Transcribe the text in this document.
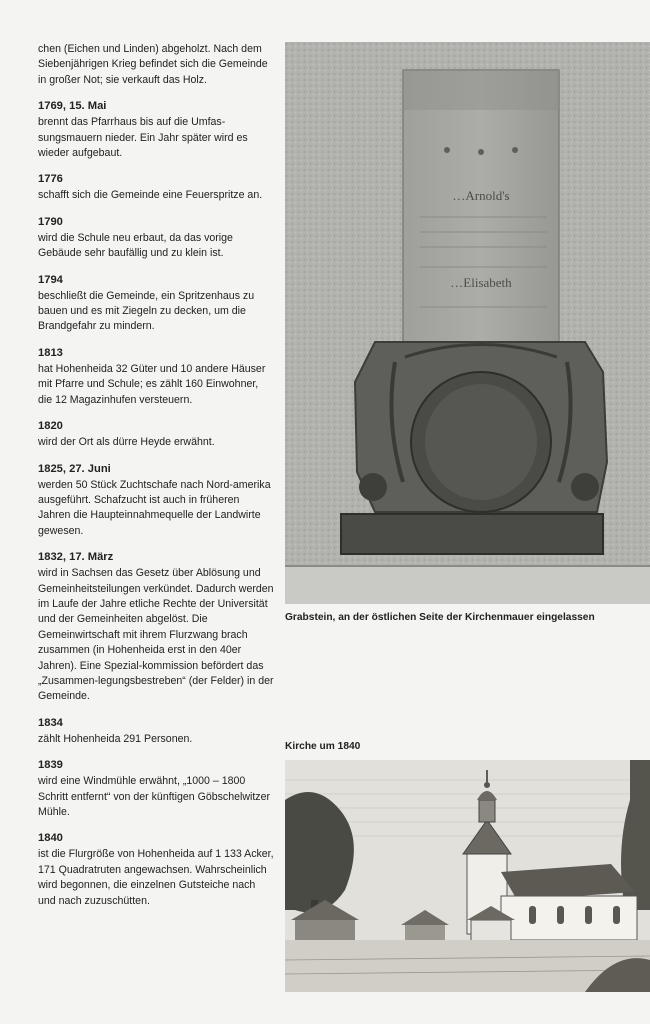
chen (Eichen und Linden) abgeholzt. Nach dem Siebenjährigen Krieg befindet sich die Gemeinde in großer Not; sie verkauft das Holz.

1769, 15. Mai

brennt das Pfarrhaus bis auf die Umfas-sungsmauern nieder. Ein Jahr später wird es wieder aufgebaut.

1776

schafft sich die Gemeinde eine Feuerspritze an.

1790

wird die Schule neu erbaut, da das vorige Gebäude sehr baufällig und zu klein ist.

1794

beschließt die Gemeinde, ein Spritzenhaus zu bauen und es mit Ziegeln zu decken, um die Brandgefahr zu mindern.

1813

hat Hohenheida 32 Güter und 10 andere Häuser mit Pfarre und Schule; es zählt 160 Einwohner, die 12 Magazinhufen versteuern.

1820

wird der Ort als dürre Heyde erwähnt.

1825, 27. Juni

werden 50 Stück Zuchtschafe nach Nord-amerika ausgeführt. Schafzucht ist auch in früheren Jahren die Haupteinnahmequelle der Landwirte gewesen.

1832, 17. März

wird in Sachsen das Gesetz über Ablösung und Gemeinheitsteilungen verkündet. Dadurch werden im Laufe der Jahre etliche Rechte der Universität und der Gemeinheiten abgelöst. Die Gemeinwirtschaft mit ihrem Flurzwang brach zusammen (in Hohenheida erst in den 40er Jahren). Eine Spezial-kommission befördert das „Zusammen-legungsbestreben“ (der Felder) in der Gemeinde.

1834

zählt Hohenheida 291 Personen.

1839

wird eine Windmühle erwähnt, „1000 – 1800 Schritt entfernt“ von der künftigen Göbschelwitzer Mühle.

1840

ist die Flurgröße von Hohenheida auf 1 133 Acker, 171 Quadratruten angewachsen. Wahrscheinlich wird begonnen, die einzelnen Gutsteiche nach und nach zuzuschütten.

…Arnold's
…Elisabeth
Grabstein, an der östlichen Seite der Kirchenmauer eingelassen
Kirche um 1840
